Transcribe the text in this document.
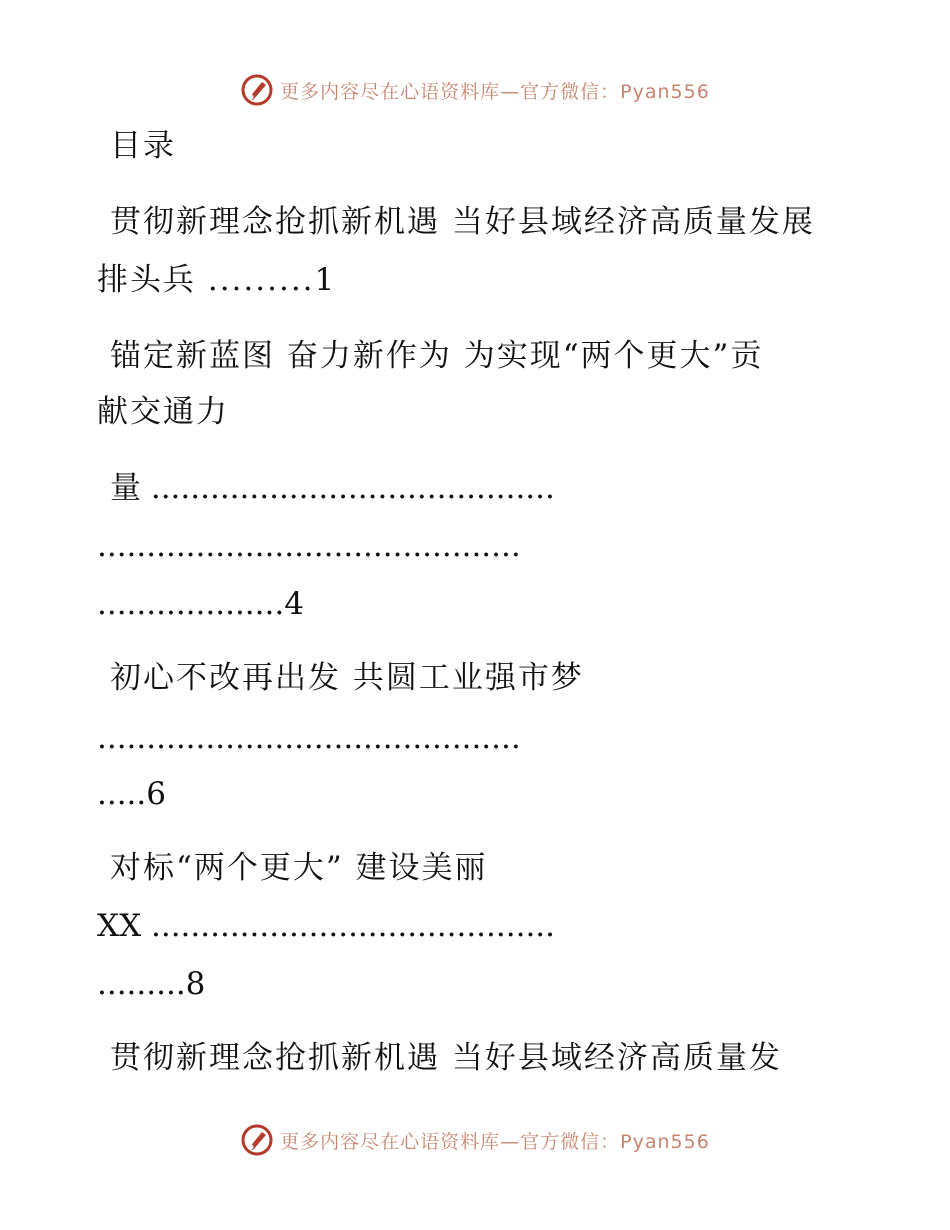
更多内容尽在心语资料库—官方微信：Pyan556
目录
贯彻新理念抢抓新机遇 当好县域经济高质量发展
排头兵 .........1
锚定新蓝图 奋力新作为 为实现“两个更大”贡
献交通力
量 .........................................
...........................................
...................4
初心不改再出发 共圆工业强市梦
...........................................
.....6
对标“两个更大” 建设美丽
XX .........................................
.........8
贯彻新理念抢抓新机遇 当好县域经济高质量发
更多内容尽在心语资料库—官方微信：Pyan556
